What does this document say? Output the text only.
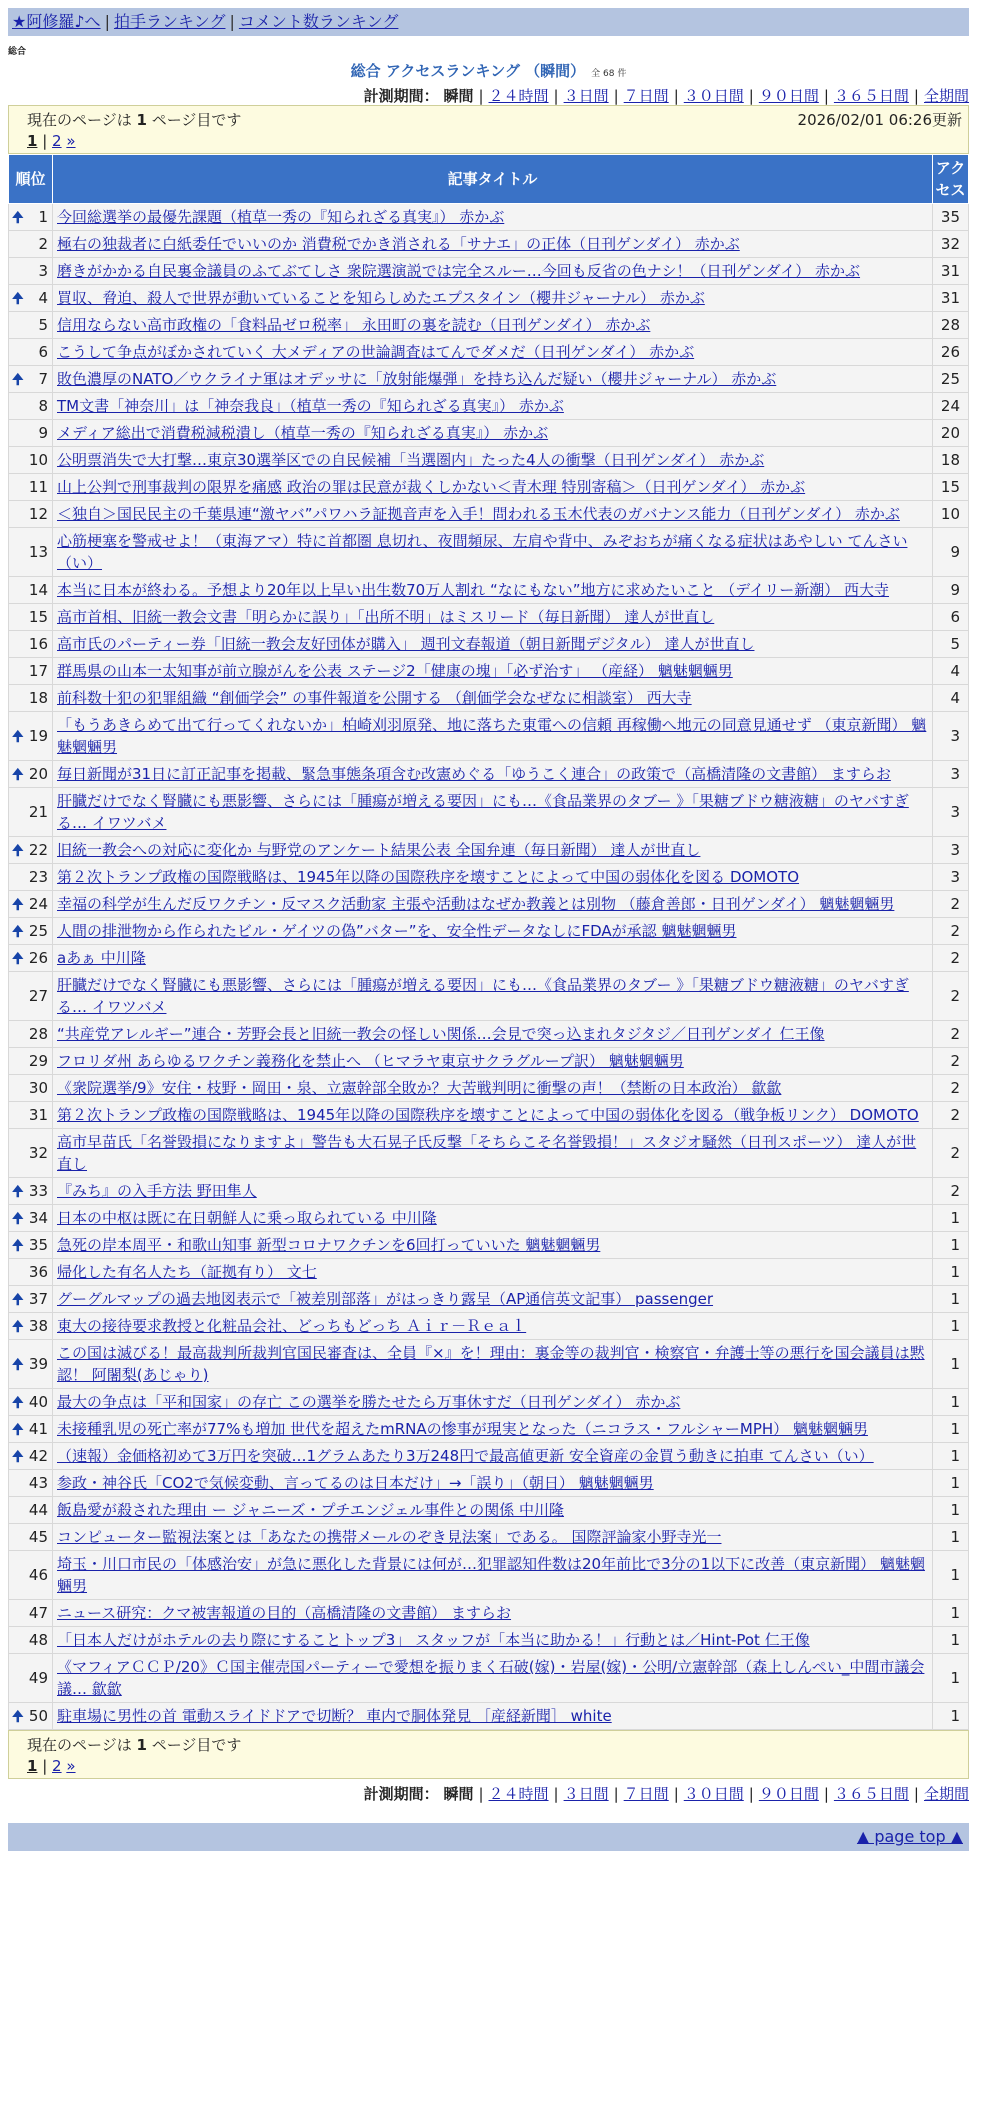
★阿修羅♪へ | 拍手ランキング | コメント数ランキング
総合
総合 アクセスランキング （瞬間） 全 68 件
計測期間： 瞬間 | ２４時間 | ３日間 | ７日間 | ３０日間 | ９０日間 | ３６５日間 | 全期間
現在のページは 1 ページ目です	2026/02/01 06:26更新
1 | 2 »
順位	記事タイトル	アクセス

🠉 1	今回総選挙の最優先課題（植草一秀の『知られざる真実』） 赤かぶ	35
2	極右の独裁者に白紙委任でいいのか 消費税でかき消される「サナエ」の正体（日刊ゲンダイ） 赤かぶ	32
3	磨きがかかる自民裏金議員のふてぶてしさ 衆院選演説では完全スルー…今回も反省の色ナシ！（日刊ゲンダイ） 赤かぶ	31

🠉 4	買収、脅迫、殺人で世界が動いていることを知らしめたエプスタイン（櫻井ジャーナル） 赤かぶ	31
5	信用ならない高市政権の「食料品ゼロ税率」 永田町の裏を読む（日刊ゲンダイ） 赤かぶ	28
6	こうして争点がぼかされていく 大メディアの世論調査はてんでダメだ（日刊ゲンダイ） 赤かぶ	26

🠉 7	敗色濃厚のNATO／ウクライナ軍はオデッサに「放射能爆弾」を持ち込んだ疑い（櫻井ジャーナル） 赤かぶ	25
8	TM文書「神奈川」は「神奈我良」（植草一秀の『知られざる真実』） 赤かぶ	24
9	メディア総出で消費税減税潰し（植草一秀の『知られざる真実』） 赤かぶ	20
10	公明票消失で大打撃…東京30選挙区での自民候補「当選圏内」たった4人の衝撃（日刊ゲンダイ） 赤かぶ	18
11	山上公判で刑事裁判の限界を痛感 政治の罪は民意が裁くしかない＜青木理 特別寄稿＞（日刊ゲンダイ） 赤かぶ	15
12	＜独自＞国民民主の千葉県連“激ヤバ”パワハラ証拠音声を入手！問われる玉木代表のガバナンス能力（日刊ゲンダイ） 赤かぶ	10
13	心筋梗塞を警戒せよ！（東海アマ）特に首都圏 息切れ、夜間頻尿、左肩や背中、みぞおちが痛くなる症状はあやしい てんさい（い）	9
14	本当に日本が終わる。予想より20年以上早い出生数70万人割れ “なにもない”地方に求めたいこと （デイリー新潮） 西大寺	9
15	高市首相、旧統一教会文書「明らかに誤り」「出所不明」はミスリード（毎日新聞） 達人が世直し	6
16	高市氏のパーティー券「旧統一教会友好団体が購入」 週刊文春報道（朝日新聞デジタル） 達人が世直し	5
17	群馬県の山本一太知事が前立腺がんを公表 ステージ2「健康の塊」「必ず治す」 （産経） 魑魅魍魎男	4
18	前科数十犯の犯罪組織 “創価学会” の事件報道を公開する （創価学会なぜなに相談室） 西大寺	4

🠉 19	「もうあきらめて出て行ってくれないか」柏崎刈羽原発、地に落ちた東電への信頼 再稼働へ地元の同意見通せず （東京新聞） 魑魅魍魎男	3

🠉 20	毎日新聞が31日に訂正記事を掲載、緊急事態条項含む改憲めぐる「ゆうこく連合」の政策で（高橋清隆の文書館） ますらお	3
21	肝臓だけでなく腎臓にも悪影響、さらには「腫瘍が増える要因」にも…《食品業界のタブー 》「果糖ブドウ糖液糖」のヤバすぎる… イワツバメ	3

🠉 22	旧統一教会への対応に変化か 与野党のアンケート結果公表 全国弁連（毎日新聞） 達人が世直し	3
23	第２次トランプ政権の国際戦略は、1945年以降の国際秩序を壊すことによって中国の弱体化を図る DOMOTO	3

🠉 24	幸福の科学が生んだ反ワクチン・反マスク活動家 主張や活動はなぜか教義とは別物 （藤倉善郎・日刊ゲンダイ） 魑魅魍魎男	2

🠉 25	人間の排泄物から作られたビル・ゲイツの偽”バター”を、安全性データなしにFDAが承認 魑魅魍魎男	2

🠉 26	aあぁ 中川隆	2
27	肝臓だけでなく腎臓にも悪影響、さらには「腫瘍が増える要因」にも…《食品業界のタブー 》「果糖ブドウ糖液糖」のヤバすぎる… イワツバメ	2
28	“共産党アレルギー”連合・芳野会長と旧統一教会の怪しい関係…会見で突っ込まれタジタジ／日刊ゲンダイ 仁王像	2
29	フロリダ州 あらゆるワクチン義務化を禁止へ （ヒマラヤ東京サクラグループ訳） 魑魅魍魎男	2
30	《衆院選挙/9》安住・枝野・岡田・泉、立憲幹部全敗か？大苦戦判明に衝撃の声！（禁断の日本政治） 歙歙	2
31	第２次トランプ政権の国際戦略は、1945年以降の国際秩序を壊すことによって中国の弱体化を図る（戦争板リンク） DOMOTO	2
32	高市早苗氏「名誉毀損になりますよ」警告も大石晃子氏反撃「そちらこそ名誉毀損！」スタジオ騒然（日刊スポーツ） 達人が世直し	2

🠉 33	『みち』の入手方法 野田隼人	2

🠉 34	日本の中枢は既に在日朝鮮人に乗っ取られている 中川隆	1

🠉 35	急死の岸本周平・和歌山知事 新型コロナワクチンを6回打っていいた 魑魅魍魎男	1
36	帰化した有名人たち（証拠有り） 文七	1

🠉 37	グーグルマップの過去地図表示で「被差別部落」がはっきり露呈（AP通信英文記事） passenger	1

🠉 38	東大の接待要求教授と化粧品会社、どっちもどっち Ａｉｒ－Ｒｅａｌ	1

🠉 39	この国は滅びる！最高裁判所裁判官国民審査は、全員『×』を！理由：裏金等の裁判官・検察官・弁護士等の悪行を国会議員は黙認！ 阿闍梨(あじゃり)	1

🠉 40	最大の争点は「平和国家」の存亡 この選挙を勝たせたら万事休すだ（日刊ゲンダイ） 赤かぶ	1

🠉 41	未接種乳児の死亡率が77%も増加 世代を超えたmRNAの惨事が現実となった（ニコラス・フルシャーMPH） 魑魅魍魎男	1

🠉 42	（速報）金価格初めて3万円を突破…1グラムあたり3万248円で最高値更新 安全資産の金買う動きに拍車 てんさい（い）	1
43	参政・神谷氏「CO2で気候変動、言ってるのは日本だけ」→「誤り」（朝日） 魑魅魍魎男	1
44	飯島愛が殺された理由 ー ジャニーズ・プチエンジェル事件との関係 中川隆	1
45	コンピューター監視法案とは「あなたの携帯メールのぞき見法案」である。 国際評論家小野寺光一	1
46	埼玉・川口市民の「体感治安」が急に悪化した背景には何が…犯罪認知件数は20年前比で3分の1以下に改善（東京新聞） 魑魅魍魎男	1
47	ニュース研究：クマ被害報道の目的（高橋清隆の文書館） ますらお	1
48	「日本人だけがホテルの去り際にすることトップ3」 スタッフが「本当に助かる！」行動とは／Hint-Pot 仁王像	1
49	《マフィアＣＣＰ/20》Ｃ国主催売国パーティーで愛想を振りまく石破(嫁)・岩屋(嫁)・公明/立憲幹部（森上しんぺい_中間市議会議… 歙歙	1

🠉 50	駐車場に男性の首 電動スライドドアで切断？ 車内で胴体発見 ［産経新聞］ white	1
現在のページは 1 ページ目です
1 | 2 »
計測期間： 瞬間 | ２４時間 | ３日間 | ７日間 | ３０日間 | ９０日間 | ３６５日間 | 全期間
▲ page top ▲
